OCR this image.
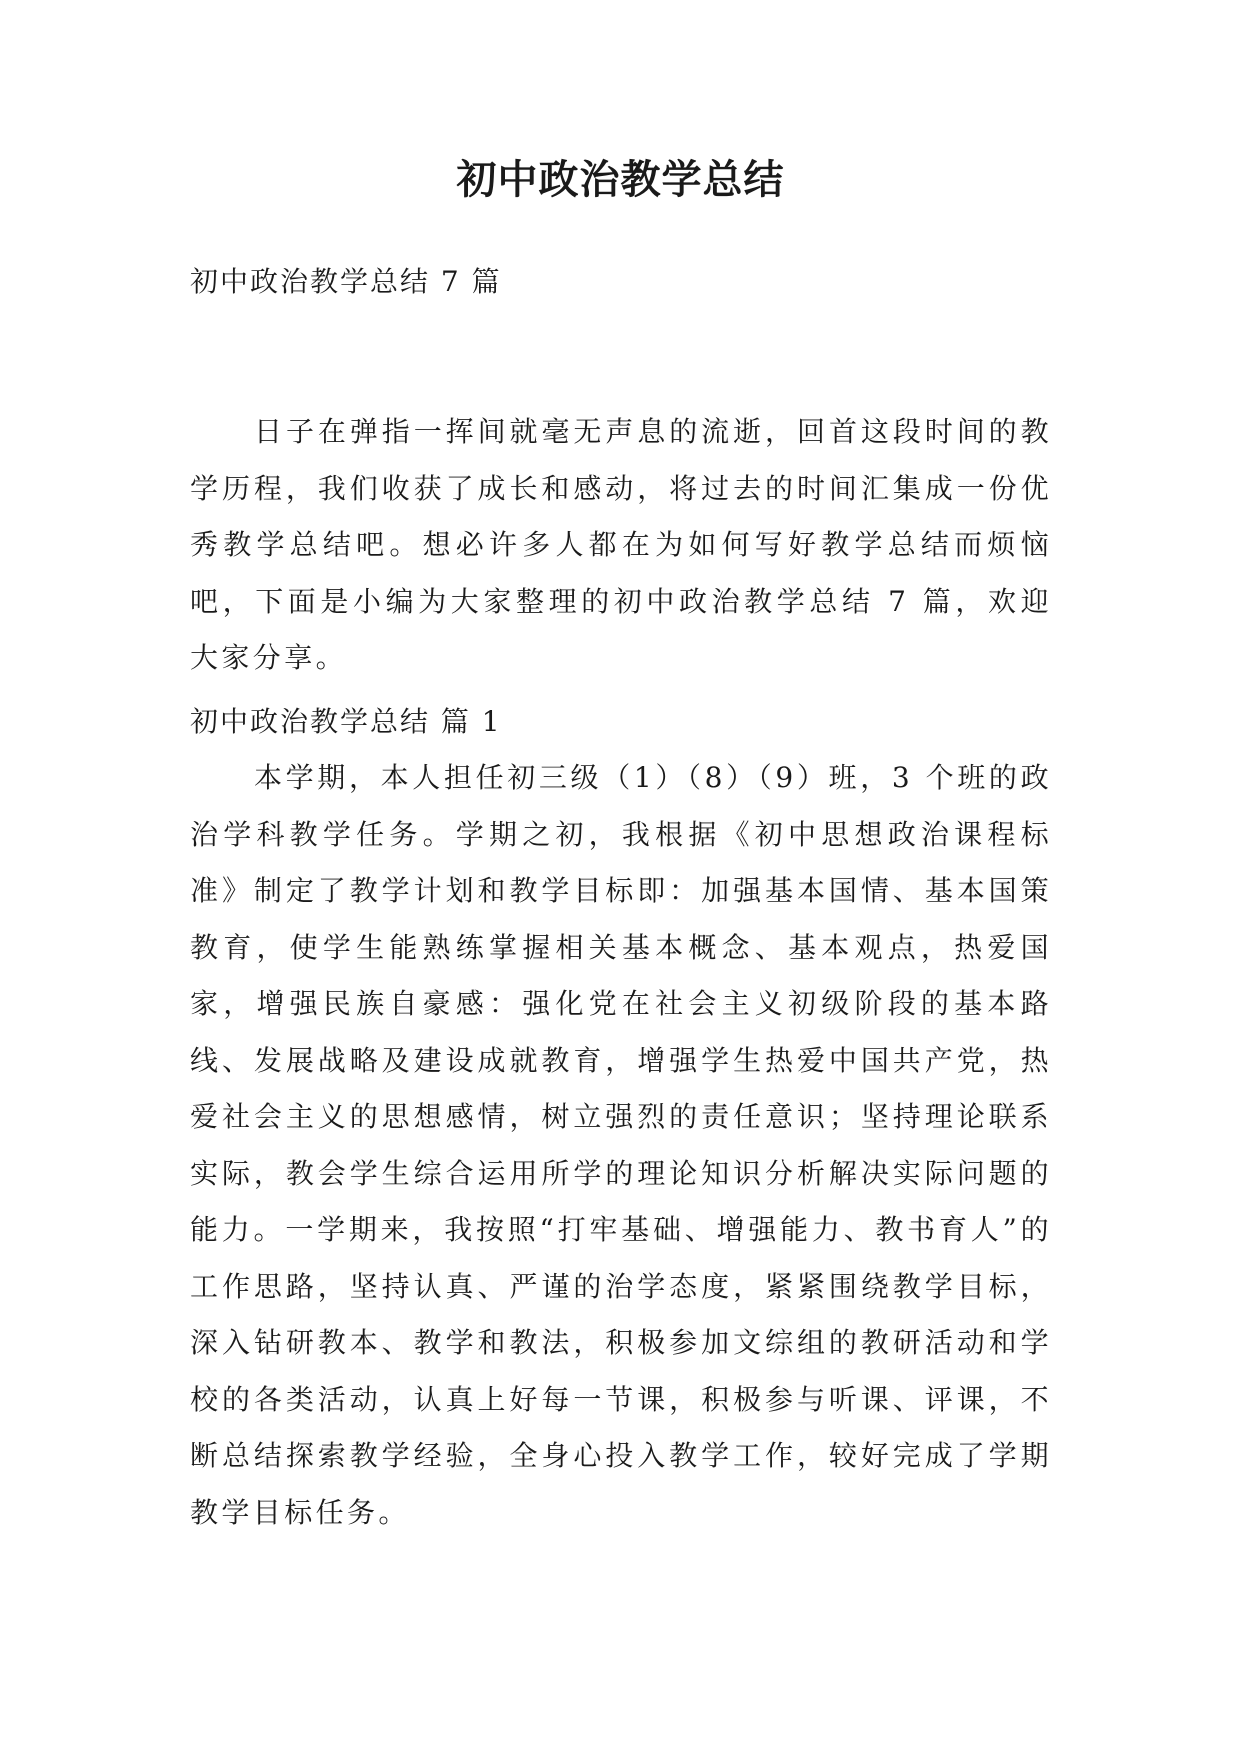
初中政治教学总结

初中政治教学总结 7 篇

日子在弹指一挥间就毫无声息的流逝，回首这段时间的教学历程，我们收获了成长和感动，将过去的时间汇集成一份优秀教学总结吧。想必许多人都在为如何写好教学总结而烦恼吧，下面是小编为大家整理的初中政治教学总结 7 篇，欢迎大家分享。

初中政治教学总结 篇 1

本学期，本人担任初三级（1）（8）（9）班，3 个班的政治学科教学任务。学期之初，我根据《初中思想政治课程标准》制定了教学计划和教学目标即：加强基本国情、基本国策教育，使学生能熟练掌握相关基本概念、基本观点，热爱国家，增强民族自豪感：强化党在社会主义初级阶段的基本路线、发展战略及建设成就教育，增强学生热爱中国共产党，热爱社会主义的思想感情，树立强烈的责任意识；坚持理论联系实际，教会学生综合运用所学的理论知识分析解决实际问题的能力。一学期来，我按照“打牢基础、增强能力、教书育人”的工作思路，坚持认真、严谨的治学态度，紧紧围绕教学目标，深入钻研教本、教学和教法，积极参加文综组的教研活动和学校的各类活动，认真上好每一节课，积极参与听课、评课，不断总结探索教学经验，全身心投入教学工作，较好完成了学期教学目标任务。
